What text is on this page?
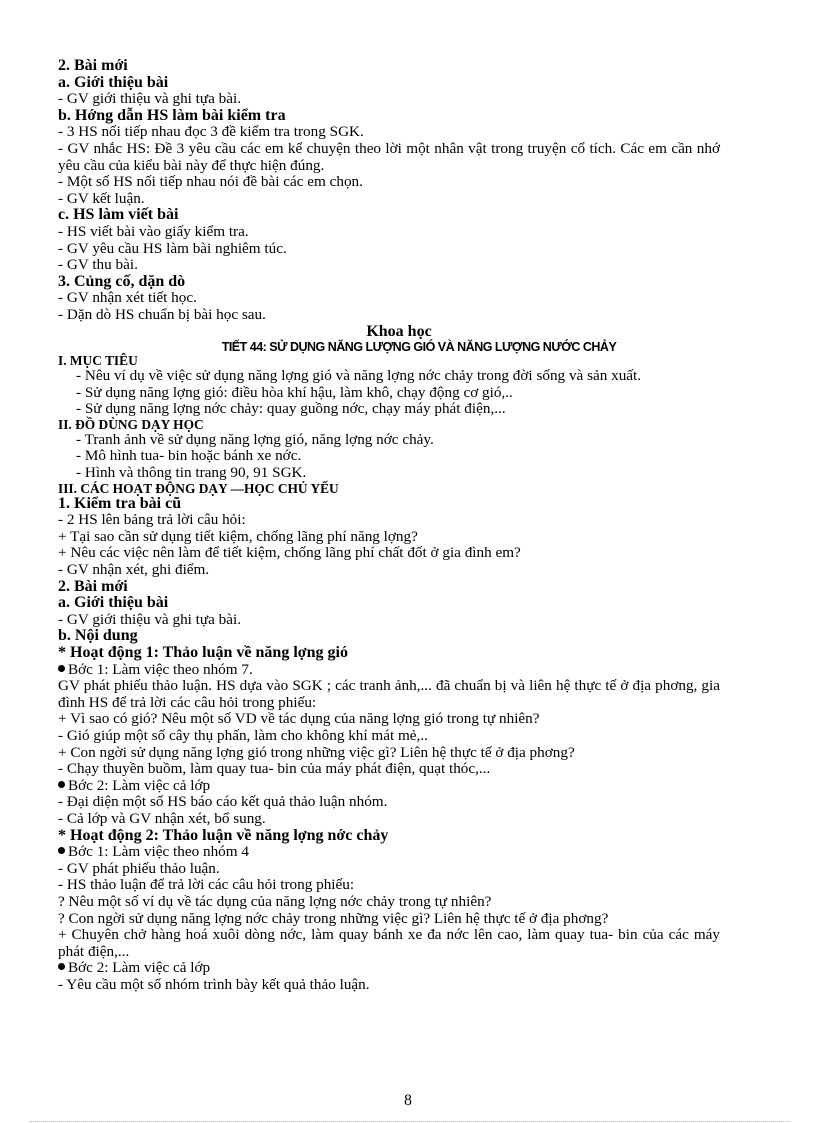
2. Bài mới
a. Giới thiệu bài
- GV giới thiệu và ghi tựa bài.
b. Hớng dẫn HS làm bài kiểm tra
- 3 HS nối tiếp nhau đọc 3 đề kiểm tra trong SGK.
- GV nhắc HS: Đề 3 yêu cầu các em kể chuyện theo lời một nhân vật trong truyện cổ tích. Các em cần nhớ yêu cầu của kiểu bài này để thực hiện đúng.
- Một số HS nối tiếp nhau nói đề bài các em chọn.
- GV kết luận.
c. HS làm viết bài
- HS viết bài vào giấy kiểm tra.
- GV yêu cầu HS làm bài nghiêm túc.
- GV thu bài.
3. Củng cố, dặn dò
- GV nhận xét tiết học.
- Dặn dò HS chuẩn bị bài học sau.
Khoa học
TIẾT 44: SỬ DỤNG NĂNG LƯỢNG GIÓ VÀ NĂNG LƯỢNG NƯỚC CHẢY
I. MỤC TIÊU
- Nêu ví dụ về việc sử dụng năng lợng gió và năng lợng nớc chảy trong đời sống và sản xuất.
- Sử dụng năng lợng gió: điều hòa khí hậu, làm khô, chạy động cơ gió,..
- Sử dụng năng lợng nớc chảy: quay guồng nớc, chạy máy phát điện,...
II. ĐỒ DÙNG DẠY HỌC
- Tranh ảnh về sử dụng năng lợng gió, năng lợng nớc chảy.
- Mô hình tua- bin hoặc bánh xe nớc.
- Hình và thông tin trang 90, 91 SGK.
III. CÁC HOẠT ĐỘNG DẠY —HỌC CHỦ YẾU
1. Kiểm tra bài cũ
- 2 HS lên bảng trả lời câu hỏi:
+ Tại sao cần sử dụng tiết kiệm, chống lãng phí năng lợng?
+ Nêu các việc nên làm để tiết kiệm, chống lãng phí chất đốt ở gia đình em?
- GV nhận xét, ghi điểm.
2. Bài mới
a. Giới thiệu bài
- GV giới thiệu và ghi tựa bài.
b. Nội dung
* Hoạt động 1: Thảo luận về năng lợng gió
Bớc 1: Làm việc theo nhóm 7.
GV phát phiếu thảo luận. HS dựa vào SGK ; các tranh ảnh,... đã chuẩn bị và liên hệ thực tế ở địa phơng, gia đình HS để trả lời các câu hỏi trong phiếu:
+ Vì sao có gió? Nêu một số VD về tác dụng của năng lợng gió trong tự nhiên?
- Gió giúp một số cây thụ phấn, làm cho không khí mát mẻ,..
+ Con ngời sử dụng năng lợng gió trong những việc gì? Liên hệ thực tế ở địa phơng?
- Chạy thuyền buồm, làm quay tua- bin của máy phát điện, quạt thóc,...
Bớc 2: Làm việc cả lớp
- Đại diện một số HS báo cáo kết quả thảo luận nhóm.
- Cả lớp và GV nhận xét, bổ sung.
* Hoạt động 2: Thảo luận về năng lợng nớc chảy
Bớc 1: Làm việc theo nhóm 4
- GV phát phiếu thảo luận.
- HS thảo luận để trả lời các câu hỏi trong phiếu:
? Nêu một số ví dụ về tác dụng của năng lợng nớc chảy trong tự nhiên?
? Con ngời sử dụng năng lợng nớc chảy trong những việc gì? Liên hệ thực tế ở địa phơng?
+ Chuyên chở hàng hoá xuôi dòng nớc, làm quay bánh xe đa nớc lên cao, làm quay tua- bin của các máy phát điện,...
Bớc 2: Làm việc cả lớp
- Yêu cầu một số nhóm trình bày kết quả thảo luận.
8
